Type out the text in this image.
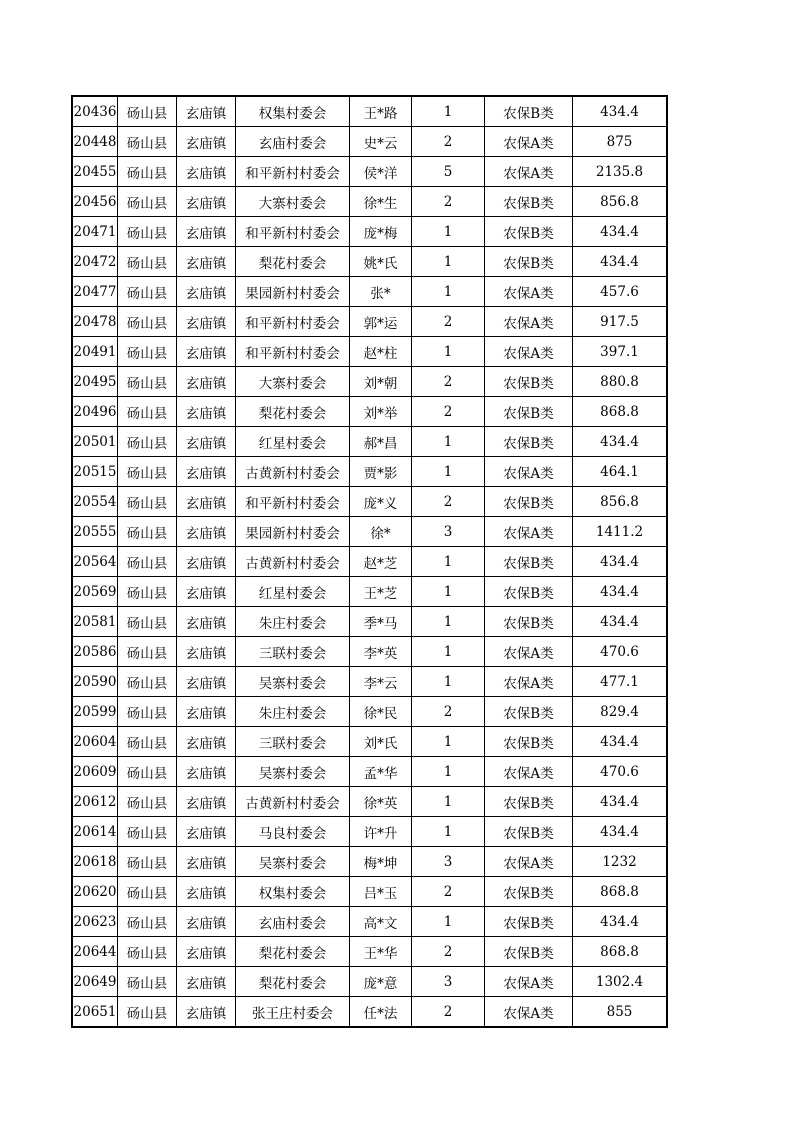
20436	砀山县	玄庙镇	权集村委会	王*路	1	农保B类	434.4
20448	砀山县	玄庙镇	玄庙村委会	史*云	2	农保A类	875
20455	砀山县	玄庙镇	和平新村村委会	侯*洋	5	农保A类	2135.8
20456	砀山县	玄庙镇	大寨村委会	徐*生	2	农保B类	856.8
20471	砀山县	玄庙镇	和平新村村委会	庞*梅	1	农保B类	434.4
20472	砀山县	玄庙镇	梨花村委会	姚*氏	1	农保B类	434.4
20477	砀山县	玄庙镇	果园新村村委会	张*	1	农保A类	457.6
20478	砀山县	玄庙镇	和平新村村委会	郭*运	2	农保A类	917.5
20491	砀山县	玄庙镇	和平新村村委会	赵*柱	1	农保A类	397.1
20495	砀山县	玄庙镇	大寨村委会	刘*朝	2	农保B类	880.8
20496	砀山县	玄庙镇	梨花村委会	刘*举	2	农保B类	868.8
20501	砀山县	玄庙镇	红星村委会	郝*昌	1	农保B类	434.4
20515	砀山县	玄庙镇	古黄新村村委会	贾*影	1	农保A类	464.1
20554	砀山县	玄庙镇	和平新村村委会	庞*义	2	农保B类	856.8
20555	砀山县	玄庙镇	果园新村村委会	徐*	3	农保A类	1411.2
20564	砀山县	玄庙镇	古黄新村村委会	赵*芝	1	农保B类	434.4
20569	砀山县	玄庙镇	红星村委会	王*芝	1	农保B类	434.4
20581	砀山县	玄庙镇	朱庄村委会	季*马	1	农保B类	434.4
20586	砀山县	玄庙镇	三联村委会	李*英	1	农保A类	470.6
20590	砀山县	玄庙镇	吴寨村委会	李*云	1	农保A类	477.1
20599	砀山县	玄庙镇	朱庄村委会	徐*民	2	农保B类	829.4
20604	砀山县	玄庙镇	三联村委会	刘*氏	1	农保B类	434.4
20609	砀山县	玄庙镇	吴寨村委会	孟*华	1	农保A类	470.6
20612	砀山县	玄庙镇	古黄新村村委会	徐*英	1	农保B类	434.4
20614	砀山县	玄庙镇	马良村委会	许*升	1	农保B类	434.4
20618	砀山县	玄庙镇	吴寨村委会	梅*坤	3	农保A类	1232
20620	砀山县	玄庙镇	权集村委会	吕*玉	2	农保B类	868.8
20623	砀山县	玄庙镇	玄庙村委会	高*文	1	农保B类	434.4
20644	砀山县	玄庙镇	梨花村委会	王*华	2	农保B类	868.8
20649	砀山县	玄庙镇	梨花村委会	庞*意	3	农保A类	1302.4
20651	砀山县	玄庙镇	张王庄村委会	任*法	2	农保A类	855
